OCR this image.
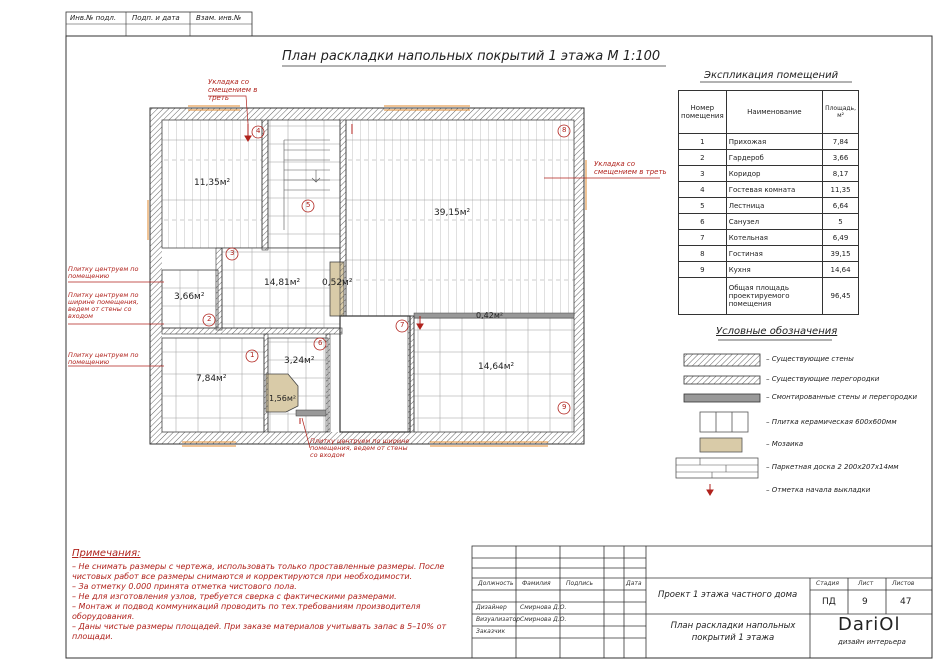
Инв.№ подл. Подп. и дата Взам. инв.№
План раскладки напольных покрытий 1 этажа М 1:100
Укладка со смещением в треть
Укладка со смещением в треть
Плитку центруем по помещению
Плитку центруем по ширине помещения, ведем от стены со входом
Плитку центруем по помещению
Плитку центруем по ширине помещения, ведем от стены со входом
11,35м²
39,15м²
14,81м² 0,52м²
3,66м²
0,42м²
3,24м²
7,84м²
1,56м²
14,64м²
1
2
3
4
5
6
7
8
9
Экспликация помещений
Номер помещения	Наименование	Площадь, м²
1	Прихожая	7,84
2	Гардероб	3,66
3	Коридор	8,17
4	Гостевая комната	11,35
5	Лестница	6,64
6	Санузел	5
7	Котельная	6,49
8	Гостиная	39,15
9	Кухня	14,64
	Общая площадь проектируемого помещения	96,45
Условные обозначения
– Существующие стены
– Существующие перегородки
– Смонтированные стены и перегородки
– Плитка керамическая 600х600мм
– Мозаика
– Паркетная доска 2 200х207х14мм
– Отметка начала выкладки
Примечания:
– Не снимать размеры с чертежа, использовать только проставленные размеры. После
чистовых работ все размеры снимаются и корректируются при необходимости.
– За отметку 0.000 принята отметка чистового пола.
– Не для изготовления узлов, требуется сверка с фактическими размерами.
– Монтаж и подвод коммуникаций проводить по тех.требованиям производителя
оборудования.
– Даны чистые размеры площадей. При заказе материалов учитывать запас в 5–10% от
площади.
Должность Фамилия	Подпись	Дата
Дизайнер Смирнова Д.О.
Визуализатор Смирнова Д.О.
Заказчик
Проект 1 этажа частного дома
План раскладки напольных покрытий 1 этажа
Стадия	Лист	Листов
ПД	9	47
DariOl
дизайн интерьера
